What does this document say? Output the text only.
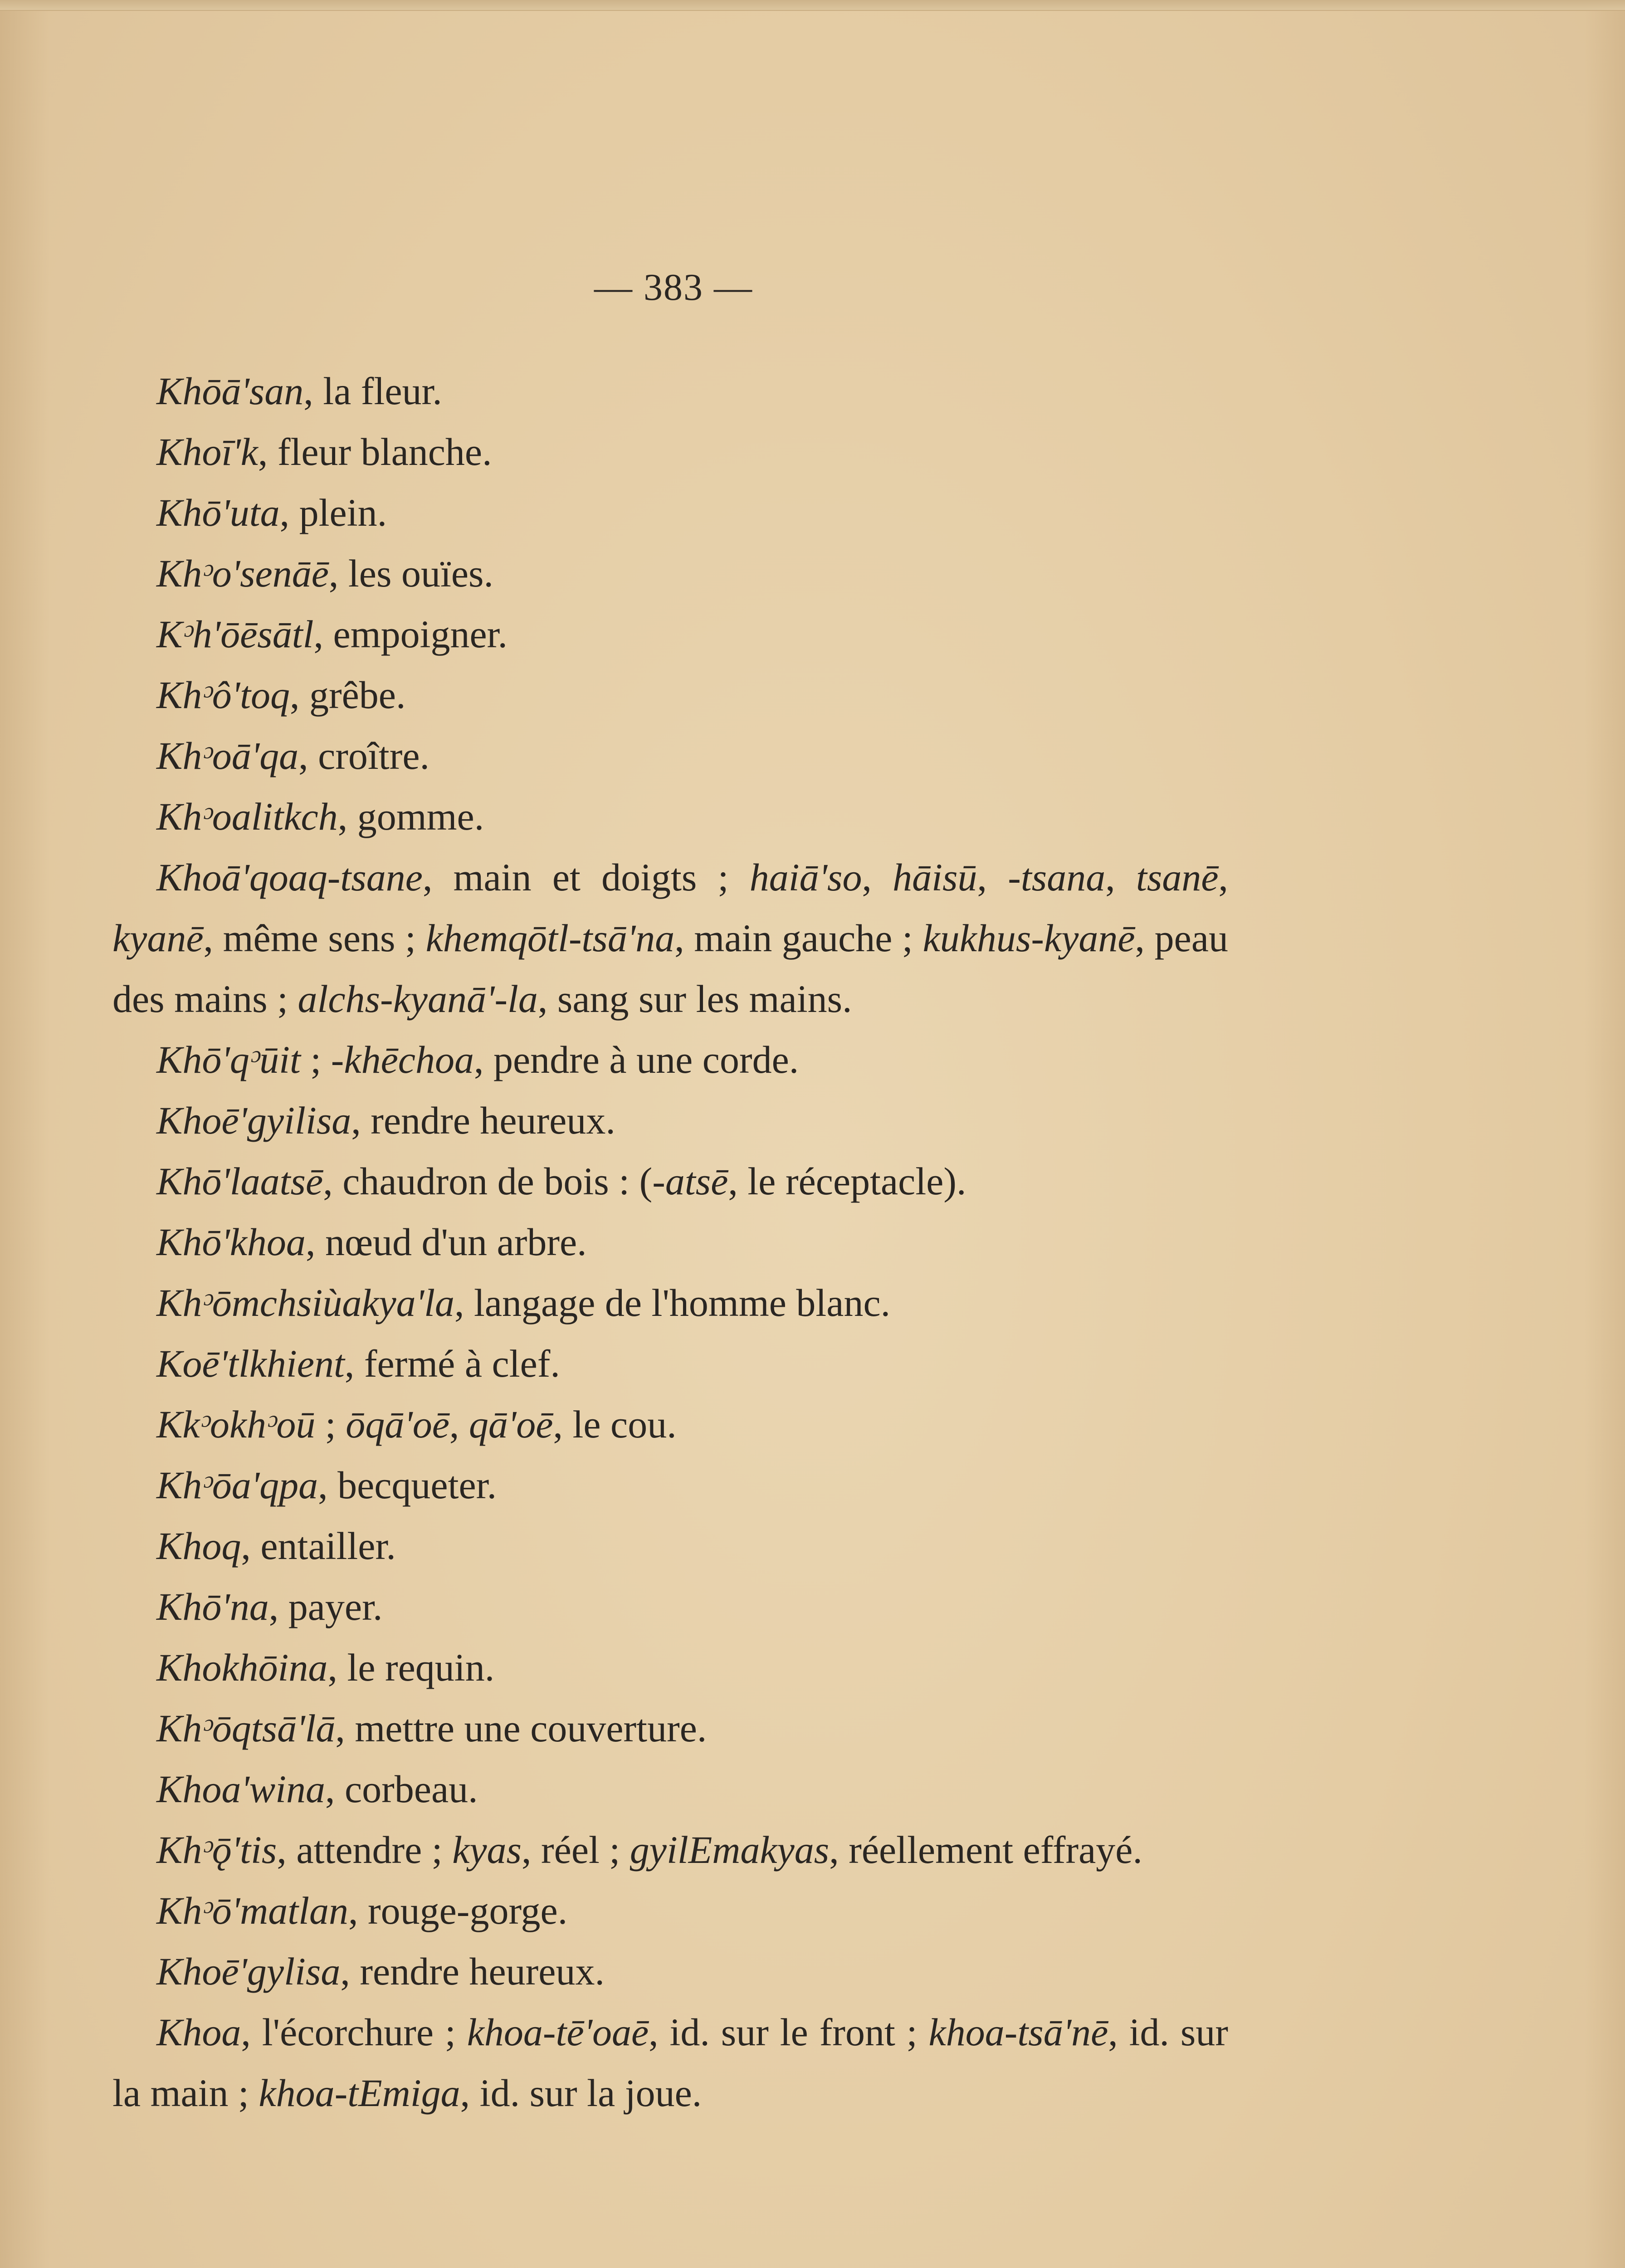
— 383 —

Khōā'san, la fleur.

Khoī'k, fleur blanche.

Khō'uta, plein.

Khᵓo'senāē, les ouïes.

Kᵓh'ōēsātl, empoigner.

Khᵓô'toq, grêbe.

Khᵓoā'qa, croître.

Khᵓoalitkch, gomme.

Khoā'qoaq-tsane, main et doigts ; haiā'so, hāisū, -tsana, tsanē, kyanē, même sens ; khemqōtl-tsā'na, main gauche ; kukhus-kyanē, peau des mains ; alchs-kyanā'-la, sang sur les mains.

Khō'qᵓūit ; -khēchoa, pendre à une corde.

Khoē'gyilisa, rendre heureux.

Khō'laatsē, chaudron de bois : (-atsē, le réceptacle).

Khō'khoa, nœud d'un arbre.

Khᵓōmchsiùakya'la, langage de l'homme blanc.

Koē'tlkhient, fermé à clef.

Kkᵓokhᵓoū ; ōqā'oē, qā'oē, le cou.

Khᵓōa'qpa, becqueter.

Khoq, entailler.

Khō'na, payer.

Khokhōina, le requin.

Khᵓōqtsā'lā, mettre une couverture.

Khoa'wina, corbeau.

Khᵓǭ'tis, attendre ; kyas, réel ; gyilEmakyas, réellement effrayé.

Khᵓō'matlan, rouge-gorge.

Khoē'gylisa, rendre heureux.

Khoa, l'écorchure ; khoa-tē'oaē, id. sur le front ; khoa-tsā'nē, id. sur la main ; khoa-tEmiga, id. sur la joue.
